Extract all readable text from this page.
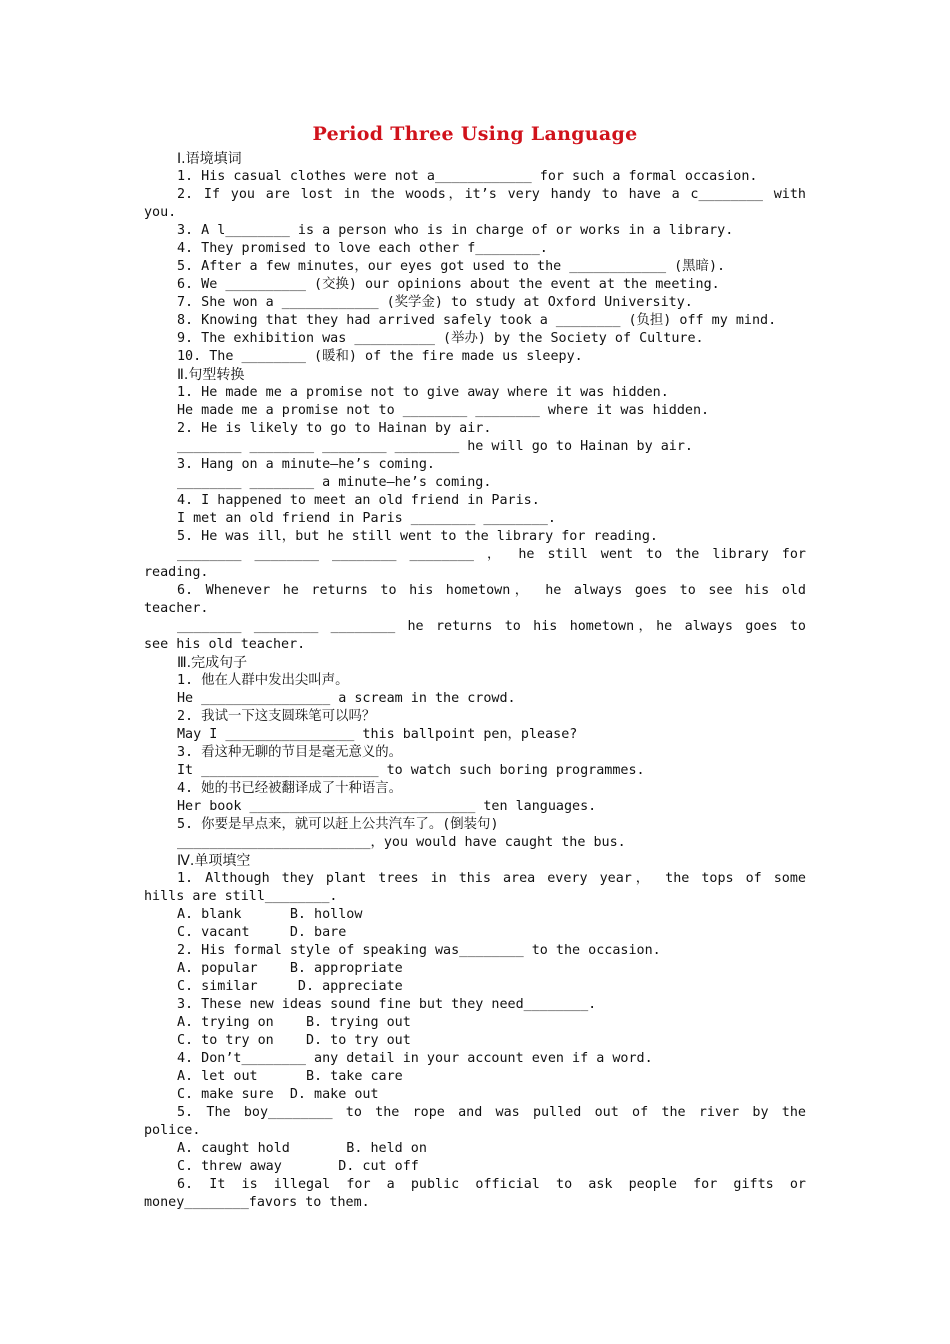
Period Three Using Language
Ⅰ.语境填词
1. His casual clothes were not a____________ for such a formal occasion.
2. If you are lost in the woods，it’s very handy to have a c________ with
you.
3. A l________ is a person who is in charge of or works in a library.
4. They promised to love each other f________.
5. After a few minutes，our eyes got used to the ____________ (黑暗).
6. We __________ (交换) our opinions about the event at the meeting.
7. She won a ____________ (奖学金) to study at Oxford University.
8. Knowing that they had arrived safely took a ________ (负担) off my mind.
9. The exhibition was __________ (举办) by the Society of Culture.
10. The ________ (暖和) of the fire made us sleepy.
Ⅱ.句型转换
1. He made me a promise not to give away where it was hidden.
He made me a promise not to ________ ________ where it was hidden.
2. He is likely to go to Hainan by air.
________ ________ ________ ________ he will go to Hainan by air.
3. Hang on a minute—he’s coming.
________ ________ a minute—he’s coming.
4. I happened to meet an old friend in Paris.
I met an old friend in Paris ________ ________.
5. He was ill，but he still went to the library for reading.
________ ________ ________ ________ ， he still went to the library for
reading.
6. Whenever he returns to his hometown， he always goes to see his old
teacher.
________ ________ ________ he returns to his hometown，he always goes to
see his old teacher.
Ⅲ.完成句子
1. 他在人群中发出尖叫声。
He ________________ a scream in the crowd.
2. 我试一下这支圆珠笔可以吗？
May I ________________ this ballpoint pen，please?
3. 看这种无聊的节目是毫无意义的。
It ______________________ to watch such boring programmes.
4. 她的书已经被翻译成了十种语言。
Her book ____________________________ ten languages.
5. 你要是早点来，就可以赶上公共汽车了。(倒装句)
________________________，you would have caught the bus.
Ⅳ.单项填空
1. Although they plant trees in this area every year， the tops of some
hills are still________.
A. blank      B. hollow
C. vacant     D. bare
2. His formal style of speaking was________ to the occasion.
A. popular    B. appropriate
C. similar     D. appreciate
3. These new ideas sound fine but they need________.
A. trying on    B. trying out
C. to try on    D. to try out
4. Don’t________ any detail in your account even if a word.
A. let out      B. take care
C. make sure  D. make out
5. The boy________ to the rope and was pulled out of the river by the
police.
A. caught hold       B. held on
C. threw away       D. cut off
6. It is illegal for a public official to ask people for gifts or
money________favors to them.
